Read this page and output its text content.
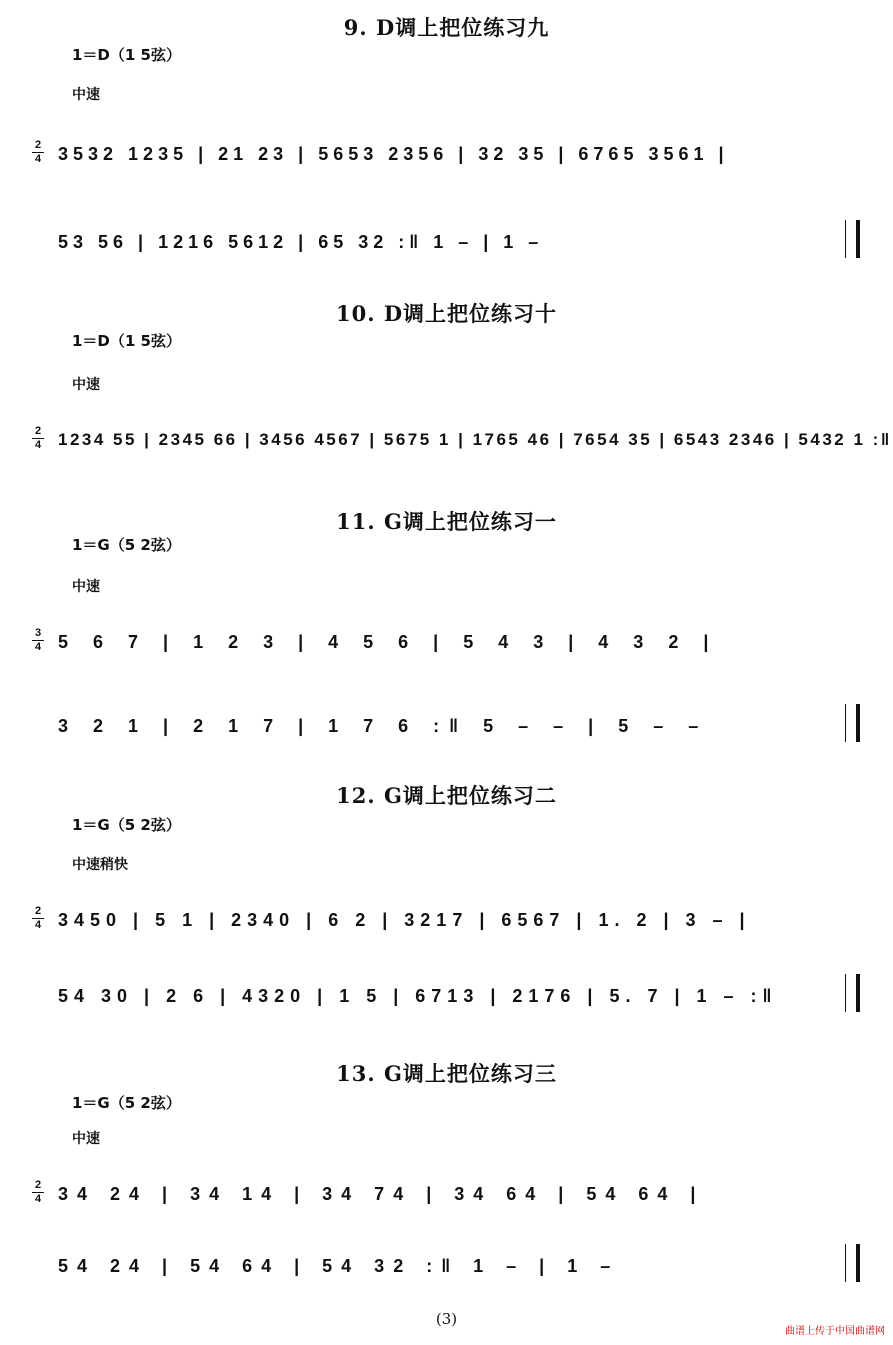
9. D调上把位练习九
1＝D（1 5弦）
中速
2
4 3532 1235 | 21 23 | 5653 2356 | 32 35 | 6765 3561 |
53 56 | 1216 5612 | 65 32 :‖ 1 – | 1 –
10. D调上把位练习十
1＝D（1 5弦）
中速
2
4 1234 55 | 2345 66 | 3456 4567 | 5675 1 | 1765 46 | 7654 35 | 6543 2346 | 5432 1 :‖
11. G调上把位练习一
1＝G（5 2弦）
中速
3
4 5 6 7 | 1 2 3 | 4 5 6 | 5 4 3 | 4 3 2 |
3 2 1 | 2 1 7 | 1 7 6 :‖ 5 – – | 5 – –
12. G调上把位练习二
1＝G（5 2弦）
中速稍快
2
4 3450 | 5 1 | 2340 | 6 2 | 3217 | 6567 | 1. 2 | 3 – |
54 30 | 2 6 | 4320 | 1 5 | 6713 | 2176 | 5. 7 | 1 – :‖
13. G调上把位练习三
1＝G（5 2弦）
中速
2
4 34 24 | 34 14 | 34 74 | 34 64 | 54 64 |
54 24 | 54 64 | 54 32 :‖ 1 – | 1 –
(3)
曲谱上传于中国曲谱网
